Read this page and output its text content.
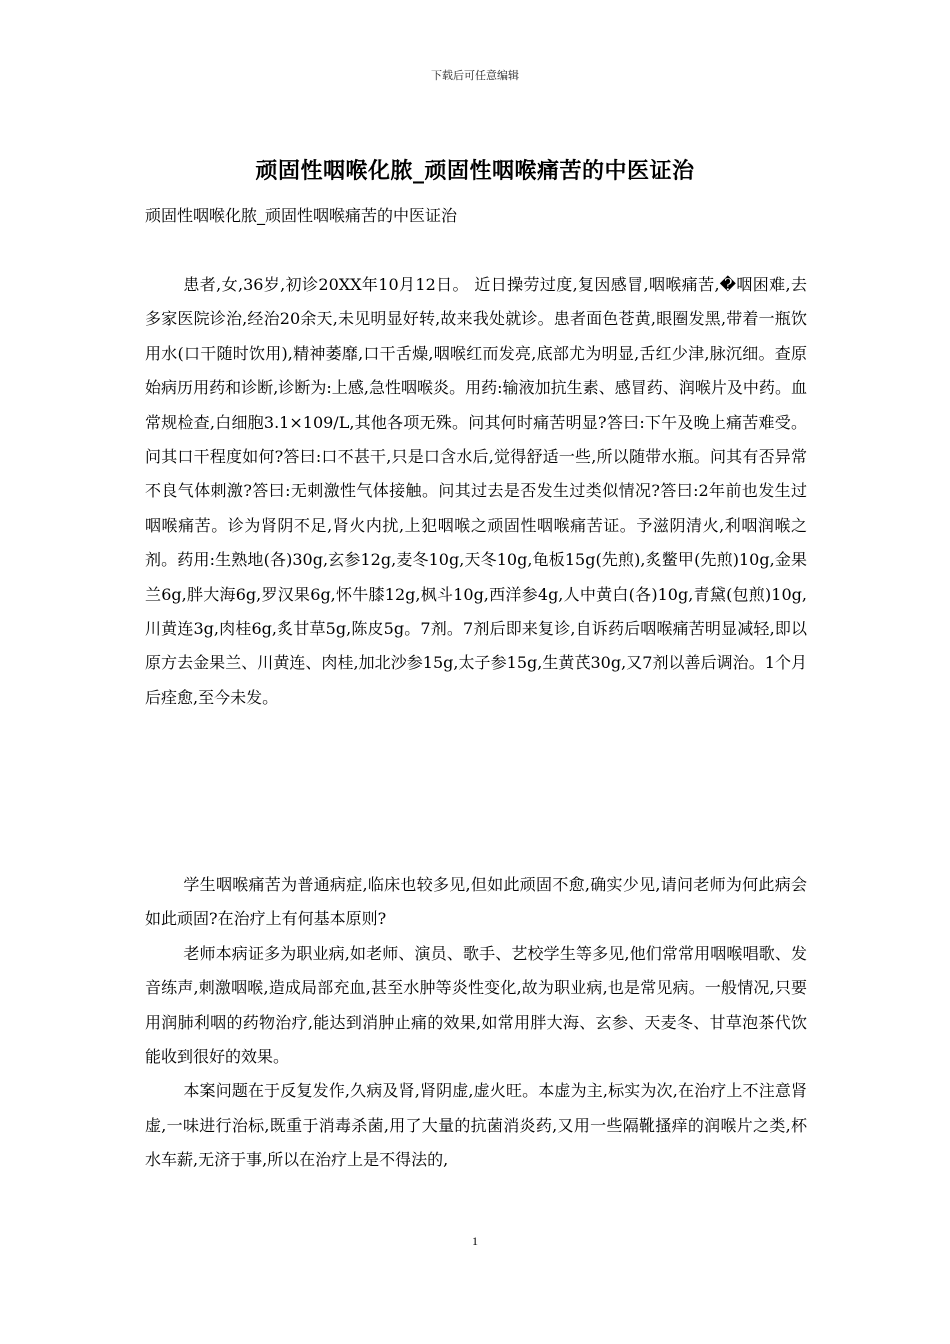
下载后可任意编辑
顽固性咽喉化脓_顽固性咽喉痛苦的中医证治
顽固性咽喉化脓_顽固性咽喉痛苦的中医证治

患者,女,36岁,初诊20XX年10月12日。 近日操劳过度,复因感冒,咽喉痛苦,�咽困难,去多家医院诊治,经治20余天,未见明显好转,故来我处就诊。患者面色苍黄,眼圈发黑,带着一瓶饮用水(口干随时饮用),精神萎靡,口干舌燥,咽喉红而发亮,底部尤为明显,舌红少津,脉沉细。查原始病历用药和诊断,诊断为:上感,急性咽喉炎。用药:输液加抗生素、感冒药、润喉片及中药。血常规检查,白细胞3.1×109/L,其他各项无殊。问其何时痛苦明显?答曰:下午及晚上痛苦难受。问其口干程度如何?答曰:口不甚干,只是口含水后,觉得舒适一些,所以随带水瓶。问其有否异常不良气体刺激?答曰:无刺激性气体接触。问其过去是否发生过类似情况?答曰:2年前也发生过咽喉痛苦。诊为肾阴不足,肾火内扰,上犯咽喉之顽固性咽喉痛苦证。予滋阴清火,利咽润喉之剂。药用:生熟地(各)30g,玄参12g,麦冬10g,天冬10g,龟板15g(先煎),炙鳖甲(先煎)10g,金果兰6g,胖大海6g,罗汉果6g,怀牛膝12g,枫斗10g,西洋参4g,人中黄白(各)10g,青黛(包煎)10g,川黄连3g,肉桂6g,炙甘草5g,陈皮5g。7剂。7剂后即来复诊,自诉药后咽喉痛苦明显减轻,即以原方去金果兰、川黄连、肉桂,加北沙参15g,太子参15g,生黄芪30g,又7剂以善后调治。1个月后痊愈,至今未发。

学生咽喉痛苦为普通病症,临床也较多见,但如此顽固不愈,确实少见,请问老师为何此病会如此顽固?在治疗上有何基本原则?

老师本病证多为职业病,如老师、演员、歌手、艺校学生等多见,他们常常用咽喉唱歌、发音练声,刺激咽喉,造成局部充血,甚至水肿等炎性变化,故为职业病,也是常见病。一般情况,只要用润肺利咽的药物治疗,能达到消肿止痛的效果,如常用胖大海、玄参、天麦冬、甘草泡茶代饮能收到很好的效果。

本案问题在于反复发作,久病及肾,肾阴虚,虚火旺。本虚为主,标实为次,在治疗上不注意肾虚,一味进行治标,既重于消毒杀菌,用了大量的抗菌消炎药,又用一些隔靴搔痒的润喉片之类,杯水车薪,无济于事,所以在治疗上是不得法的,

1
